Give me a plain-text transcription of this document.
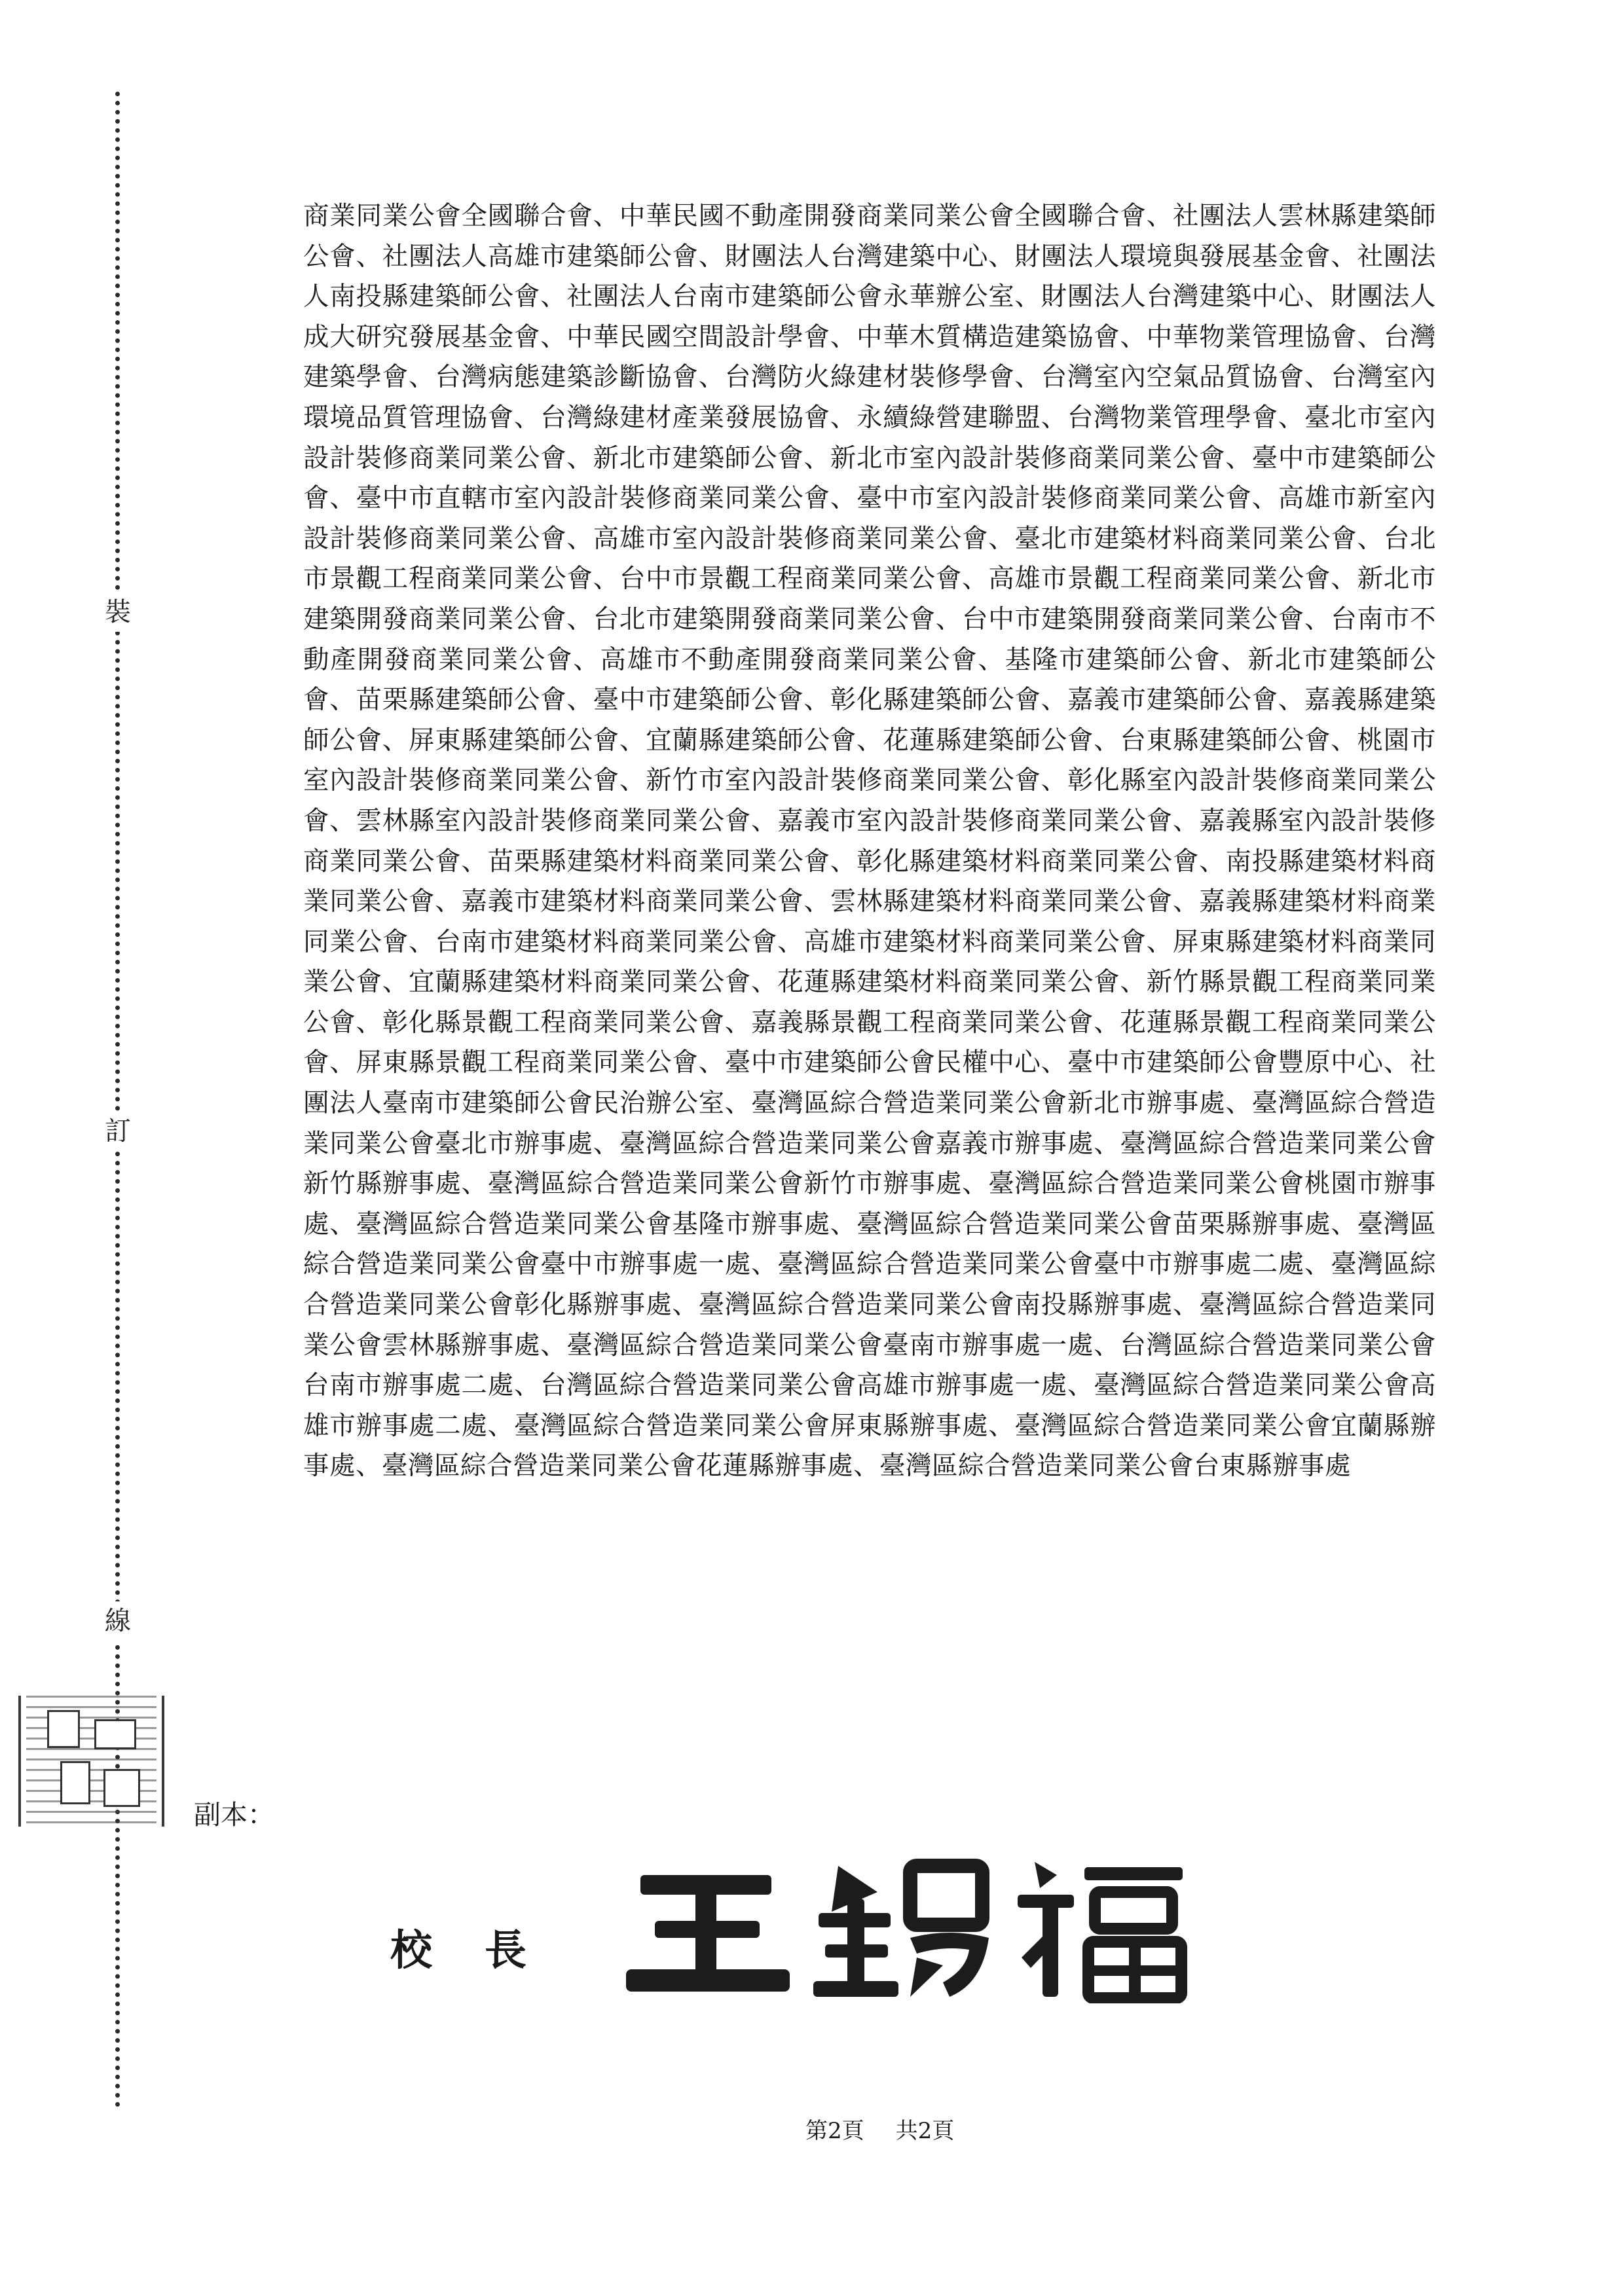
裝
訂
線

商業同業公會全國聯合會、中華民國不動產開發商業同業公會全國聯合會、社團法人雲林縣建築師公會、社團法人高雄市建築師公會、財團法人台灣建築中心、財團法人環境與發展基金會、社團法人南投縣建築師公會、社團法人台南市建築師公會永華辦公室、財團法人台灣建築中心、財團法人成大研究發展基金會、中華民國空間設計學會、中華木質構造建築協會、中華物業管理協會、台灣建築學會、台灣病態建築診斷協會、台灣防火綠建材裝修學會、台灣室內空氣品質協會、台灣室內環境品質管理協會、台灣綠建材產業發展協會、永續綠營建聯盟、台灣物業管理學會、臺北市室內設計裝修商業同業公會、新北市建築師公會、新北市室內設計裝修商業同業公會、臺中市建築師公會、臺中市直轄市室內設計裝修商業同業公會、臺中市室內設計裝修商業同業公會、高雄市新室內設計裝修商業同業公會、高雄市室內設計裝修商業同業公會、臺北市建築材料商業同業公會、台北市景觀工程商業同業公會、台中市景觀工程商業同業公會、高雄市景觀工程商業同業公會、新北市建築開發商業同業公會、台北市建築開發商業同業公會、台中市建築開發商業同業公會、台南市不動產開發商業同業公會、高雄市不動產開發商業同業公會、基隆市建築師公會、新北市建築師公會、苗栗縣建築師公會、臺中市建築師公會、彰化縣建築師公會、嘉義市建築師公會、嘉義縣建築師公會、屏東縣建築師公會、宜蘭縣建築師公會、花蓮縣建築師公會、台東縣建築師公會、桃園市室內設計裝修商業同業公會、新竹市室內設計裝修商業同業公會、彰化縣室內設計裝修商業同業公會、雲林縣室內設計裝修商業同業公會、嘉義市室內設計裝修商業同業公會、嘉義縣室內設計裝修商業同業公會、苗栗縣建築材料商業同業公會、彰化縣建築材料商業同業公會、南投縣建築材料商業同業公會、嘉義市建築材料商業同業公會、雲林縣建築材料商業同業公會、嘉義縣建築材料商業同業公會、台南市建築材料商業同業公會、高雄市建築材料商業同業公會、屏東縣建築材料商業同業公會、宜蘭縣建築材料商業同業公會、花蓮縣建築材料商業同業公會、新竹縣景觀工程商業同業公會、彰化縣景觀工程商業同業公會、嘉義縣景觀工程商業同業公會、花蓮縣景觀工程商業同業公會、屏東縣景觀工程商業同業公會、臺中市建築師公會民權中心、臺中市建築師公會豐原中心、社團法人臺南市建築師公會民治辦公室、臺灣區綜合營造業同業公會新北市辦事處、臺灣區綜合營造業同業公會臺北市辦事處、臺灣區綜合營造業同業公會嘉義市辦事處、臺灣區綜合營造業同業公會新竹縣辦事處、臺灣區綜合營造業同業公會新竹市辦事處、臺灣區綜合營造業同業公會桃園市辦事處、臺灣區綜合營造業同業公會基隆市辦事處、臺灣區綜合營造業同業公會苗栗縣辦事處、臺灣區綜合營造業同業公會臺中市辦事處一處、臺灣區綜合營造業同業公會臺中市辦事處二處、臺灣區綜合營造業同業公會彰化縣辦事處、臺灣區綜合營造業同業公會南投縣辦事處、臺灣區綜合營造業同業公會雲林縣辦事處、臺灣區綜合營造業同業公會臺南市辦事處一處、台灣區綜合營造業同業公會台南市辦事處二處、台灣區綜合營造業同業公會高雄市辦事處一處、臺灣區綜合營造業同業公會高雄市辦事處二處、臺灣區綜合營造業同業公會屏東縣辦事處、臺灣區綜合營造業同業公會宜蘭縣辦事處、臺灣區綜合營造業同業公會花蓮縣辦事處、臺灣區綜合營造業同業公會台東縣辦事處

副本：
校長
第2頁 共2頁
